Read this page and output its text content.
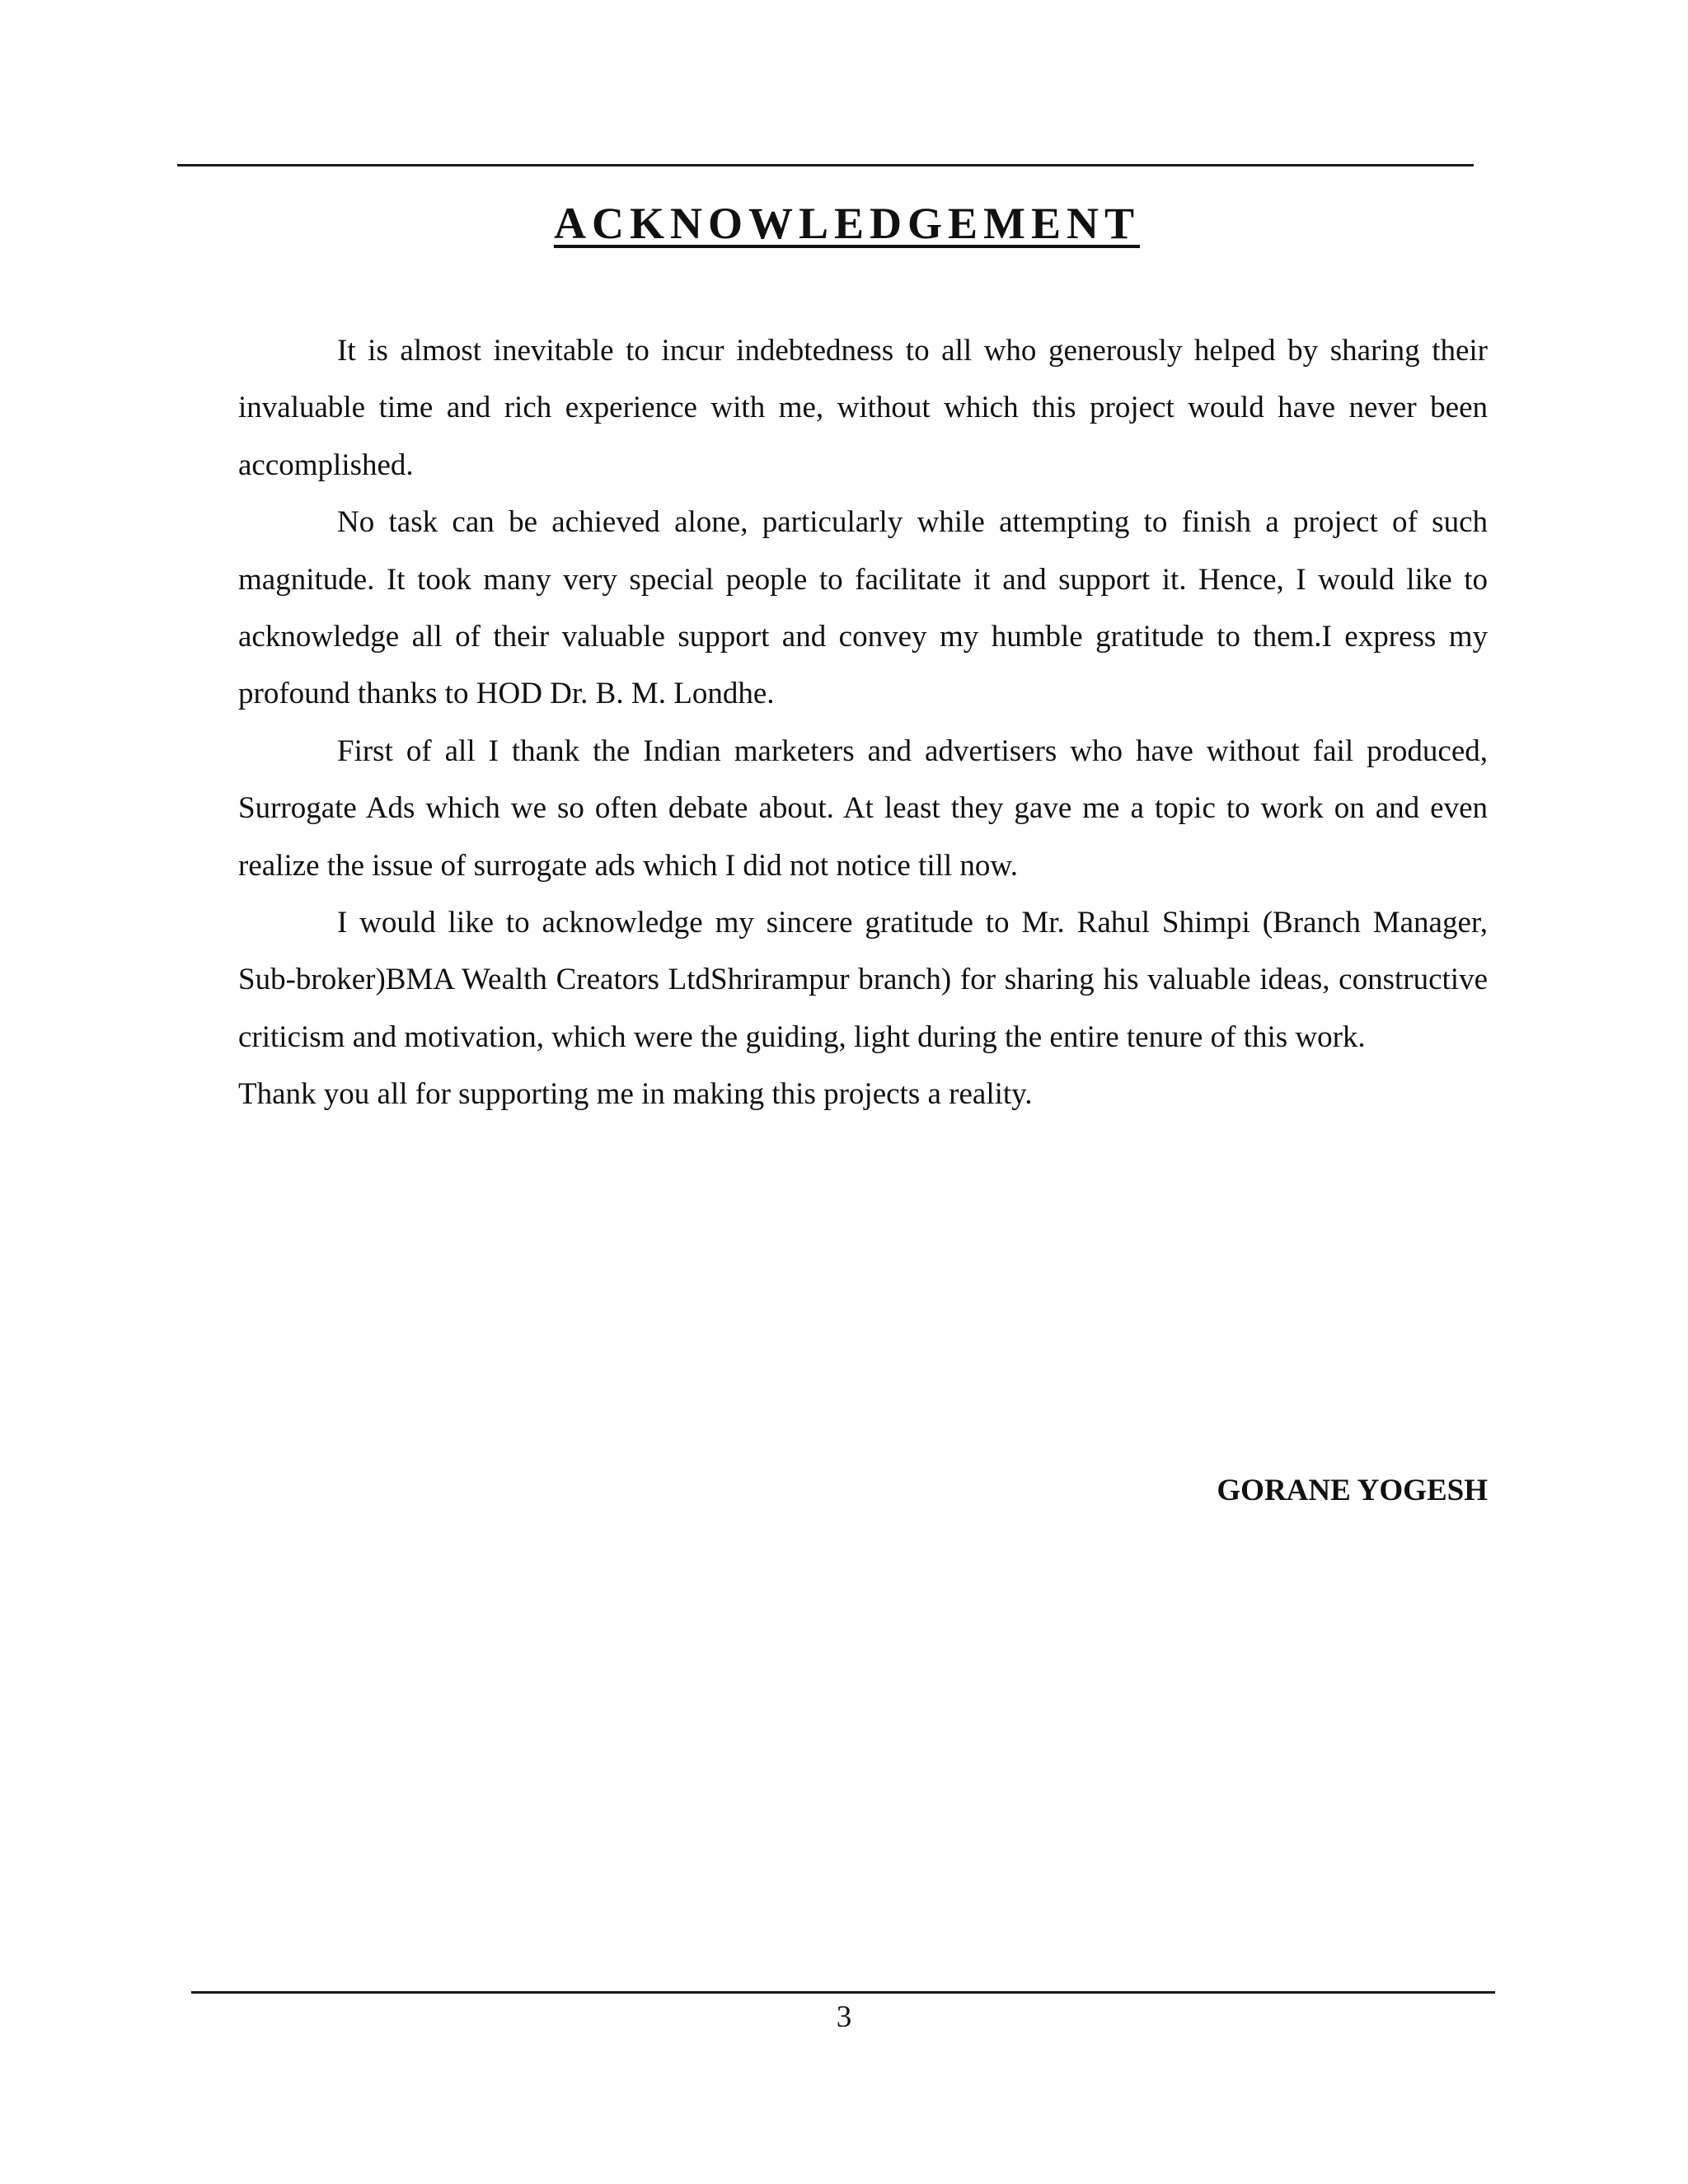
ACKNOWLEDGEMENT

It is almost inevitable to incur indebtedness to all who generously helped by sharing their invaluable time and rich experience with me, without which this project would have never been accomplished.

No task can be achieved alone, particularly while attempting to finish a project of such magnitude. It took many very special people to facilitate it and support it. Hence, I would like to acknowledge all of their valuable support and convey my humble gratitude to them.I express my profound thanks to HOD Dr. B. M. Londhe.

First of all I thank the Indian marketers and advertisers who have without fail produced, Surrogate Ads which we so often debate about. At least they gave me a topic to work on and even realize the issue of surrogate ads which I did not notice till now.

I would like to acknowledge my sincere gratitude to Mr. Rahul Shimpi (Branch Manager, Sub-broker)BMA Wealth Creators LtdShrirampur branch) for sharing his valuable ideas, constructive criticism and motivation, which were the guiding, light during the entire tenure of this work.

Thank you all for supporting me in making this projects a reality.

GORANE YOGESH
3
